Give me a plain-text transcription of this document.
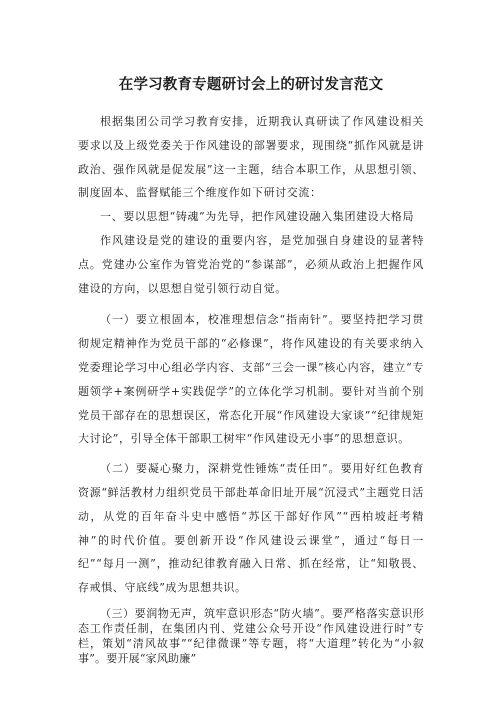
在学习教育专题研讨会上的研讨发言范文

根据集团公司学习教育安排，近期我认真研读了作风建设相关要求以及上级党委关于作风建设的部署要求，现围绕“抓作风就是讲政治、强作风就是促发展”这一主题，结合本职工作，从思想引领、制度固本、监督赋能三个维度作如下研讨交流：

一、要以思想“铸魂”为先导，把作风建设融入集团建设大格局

作风建设是党的建设的重要内容，是党加强自身建设的显著特点。党建办公室作为管党治党的“参谋部”，必须从政治上把握作风建设的方向，以思想自觉引领行动自觉。

（一）要立根固本，校准理想信念“指南针”。要坚持把学习贯彻规定精神作为党员干部的“必修课”，将作风建设的有关要求纳入党委理论学习中心组必学内容、支部“三会一课”核心内容，建立“专题领学+案例研学+实践促学”的立体化学习机制。要针对当前个别党员干部存在的思想误区，常态化开展“作风建设大家谈”“纪律规矩大讨论”，引导全体干部职工树牢“作风建设无小事”的思想意识。

（二）要凝心聚力，深耕党性锤炼“责任田”。要用好红色教育资源“鲜活教材力组织党员干部赴革命旧址开展“沉浸式”主题党日活动，从党的百年奋斗史中感悟“苏区干部好作风”“西柏坡赶考精神”的时代价值。要创新开设“作风建设云课堂”，通过“每日一纪”“每月一测”，推动纪律教育融入日常、抓在经常，让“知敬畏、存戒惧、守底线”成为思想共识。

（三）要润物无声，筑牢意识形态“防火墙”。要严格落实意识形态工作责任制，在集团内刊、党建公众号开设“作风建设进行时”专栏，策划“清风故事”“纪律微课”等专题，将“大道理”转化为“小叙事”。要开展“家风助廉”
